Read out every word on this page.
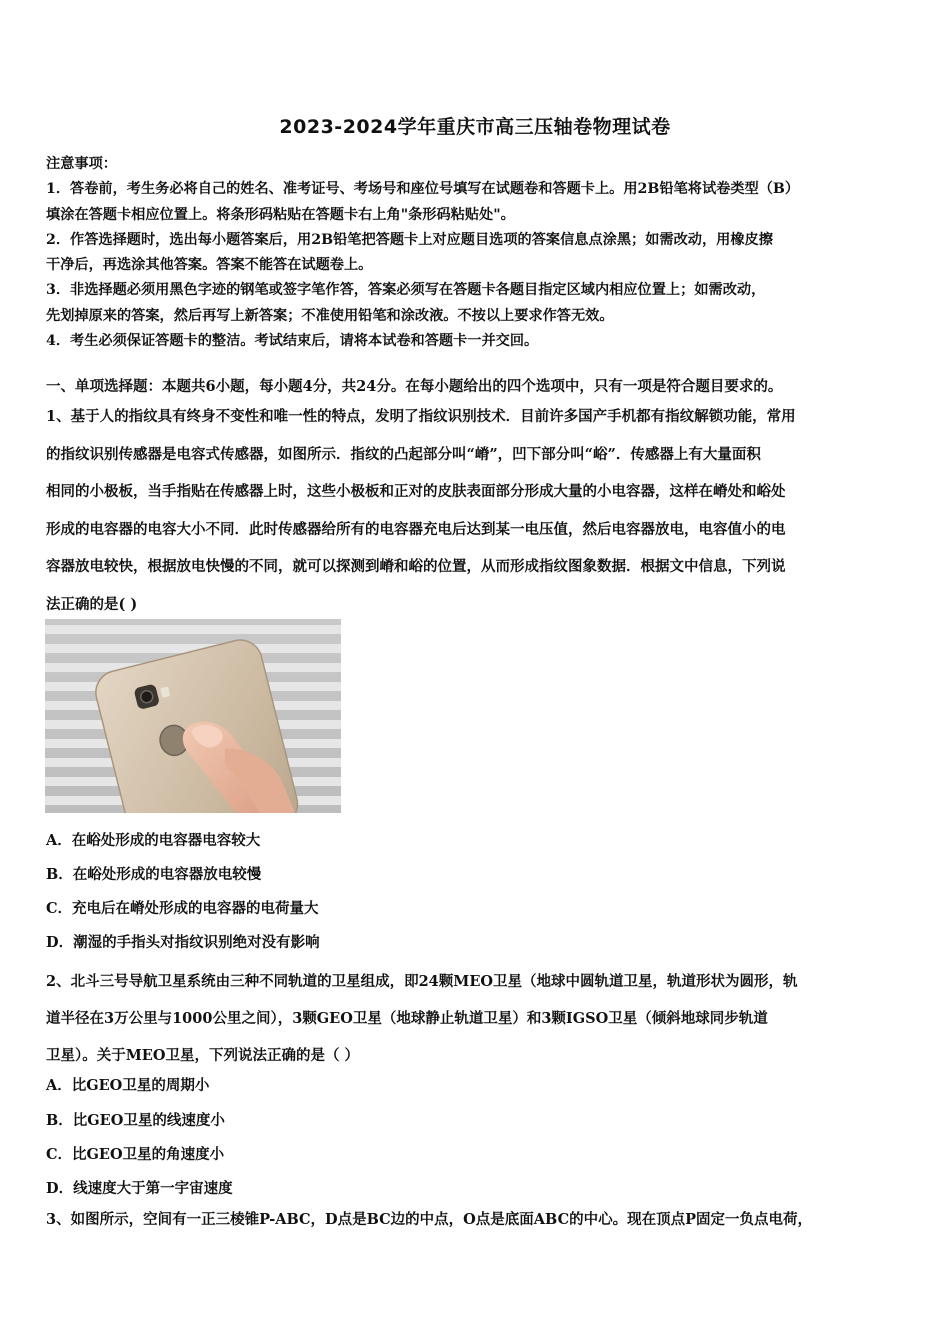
2023-2024学年重庆市高三压轴卷物理试卷

注意事项：

1．答卷前，考生务必将自己的姓名、准考证号、考场号和座位号填写在试题卷和答题卡上。用2B铅笔将试卷类型（B）

填涂在答题卡相应位置上。将条形码粘贴在答题卡右上角"条形码粘贴处"。

2．作答选择题时，选出每小题答案后，用2B铅笔把答题卡上对应题目选项的答案信息点涂黑；如需改动，用橡皮擦

干净后，再选涂其他答案。答案不能答在试题卷上。

3．非选择题必须用黑色字迹的钢笔或签字笔作答，答案必须写在答题卡各题目指定区域内相应位置上；如需改动，

先划掉原来的答案，然后再写上新答案；不准使用铅笔和涂改液。不按以上要求作答无效。

4．考生必须保证答题卡的整洁。考试结束后，请将本试卷和答题卡一并交回。

一、单项选择题：本题共6小题，每小题4分，共24分。在每小题给出的四个选项中，只有一项是符合题目要求的。

1、基于人的指纹具有终身不变性和唯一性的特点，发明了指纹识别技术．目前许多国产手机都有指纹解锁功能，常用

的指纹识别传感器是电容式传感器，如图所示．指纹的凸起部分叫“嵴”，凹下部分叫“峪”．传感器上有大量面积

相同的小极板，当手指贴在传感器上时，这些小极板和正对的皮肤表面部分形成大量的小电容器，这样在嵴处和峪处

形成的电容器的电容大小不同．此时传感器给所有的电容器充电后达到某一电压值，然后电容器放电，电容值小的电

容器放电较快，根据放电快慢的不同，就可以探测到嵴和峪的位置，从而形成指纹图象数据．根据文中信息，下列说

法正确的是( )

A．在峪处形成的电容器电容较大
B．在峪处形成的电容器放电较慢
C．充电后在嵴处形成的电容器的电荷量大
D．潮湿的手指头对指纹识别绝对没有影响

2、北斗三号导航卫星系统由三种不同轨道的卫星组成，即24颗MEO卫星（地球中圆轨道卫星，轨道形状为圆形，轨

道半径在3万公里与1000公里之间），3颗GEO卫星（地球静止轨道卫星）和3颗IGSO卫星（倾斜地球同步轨道

卫星）。关于MEO卫星，下列说法正确的是（ ）

A．比GEO卫星的周期小
B．比GEO卫星的线速度小
C．比GEO卫星的角速度小
D．线速度大于第一宇宙速度
3、如图所示，空间有一正三棱锥P-ABC，D点是BC边的中点，O点是底面ABC的中心。现在顶点P固定一负点电荷，
